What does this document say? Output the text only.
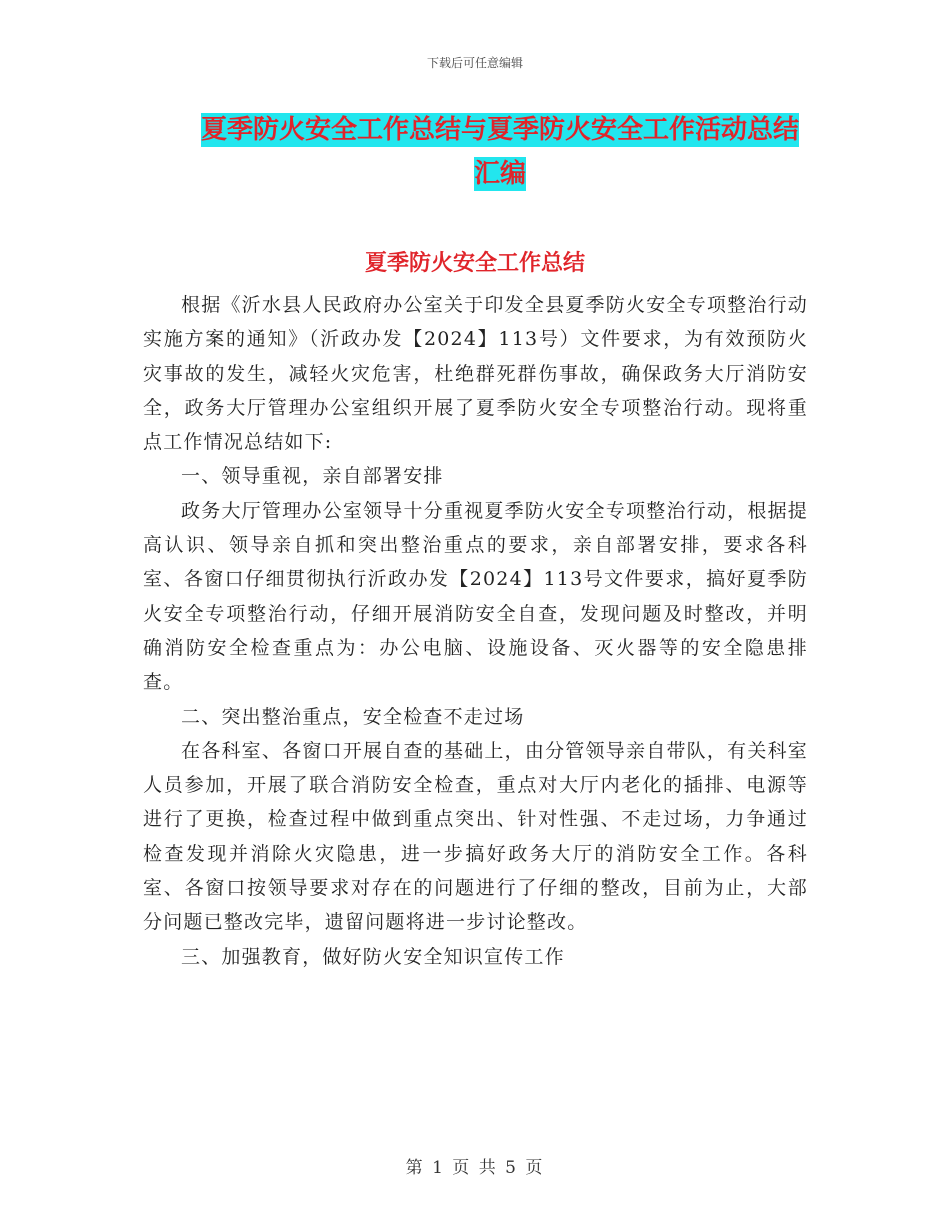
下载后可任意编辑
夏季防火安全工作总结与夏季防火安全工作活动总结
汇编
夏季防火安全工作总结

根据《沂水县人民政府办公室关于印发全县夏季防火安全专项整治行动实施方案的通知》（沂政办发【2024】113号）文件要求，为有效预防火灾事故的发生，减轻火灾危害，杜绝群死群伤事故，确保政务大厅消防安全，政务大厅管理办公室组织开展了夏季防火安全专项整治行动。现将重点工作情况总结如下:

一、领导重视，亲自部署安排

政务大厅管理办公室领导十分重视夏季防火安全专项整治行动，根据提高认识、领导亲自抓和突出整治重点的要求，亲自部署安排，要求各科室、各窗口仔细贯彻执行沂政办发【2024】113号文件要求，搞好夏季防火安全专项整治行动，仔细开展消防安全自查，发现问题及时整改，并明确消防安全检查重点为：办公电脑、设施设备、灭火器等的安全隐患排查。

二、突出整治重点，安全检查不走过场

在各科室、各窗口开展自查的基础上，由分管领导亲自带队，有关科室人员参加，开展了联合消防安全检查，重点对大厅内老化的插排、电源等进行了更换，检查过程中做到重点突出、针对性强、不走过场，力争通过检查发现并消除火灾隐患，进一步搞好政务大厅的消防安全工作。各科室、各窗口按领导要求对存在的问题进行了仔细的整改，目前为止，大部分问题已整改完毕，遗留问题将进一步讨论整改。

三、加强教育，做好防火安全知识宣传工作

第 1 页 共 5 页
